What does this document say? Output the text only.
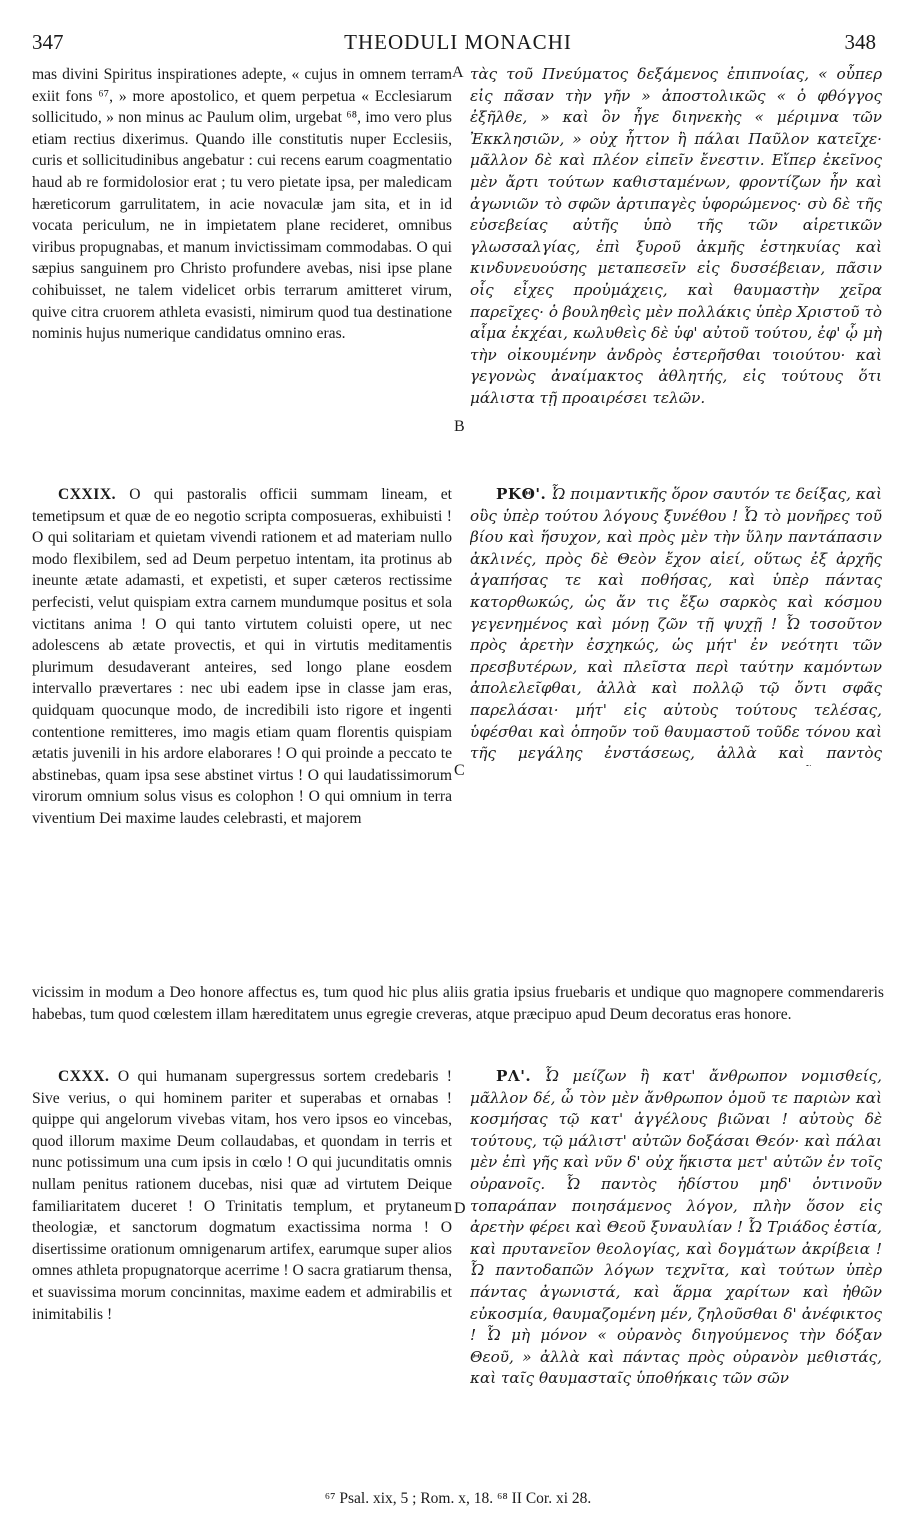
347	THEODULI MONACHI	348

mas divini Spiritus inspirationes adepte, « cujus in omnem terram exiit fons ⁶⁷, » more apostolico, et quem perpetua « Ecclesiarum sollicitudo, » non minus ac Paulum olim, urgebat ⁶⁸, imo vero plus etiam rectius dixerimus. Quando ille constitutis nuper Ecclesiis, curis et sollicitudinibus angebatur : cui recens earum coagmentatio haud ab re formidolosior erat ; tu vero pietate ipsa, per maledicam hæreticorum garrulitatem, in acie novaculæ jam sita, et in id vocata periculum, ne in impietatem plane recideret, omnibus viribus propugnabas, et manum invictissimam commodabas. O qui sæpius sanguinem pro Christo profundere avebas, nisi ipse plane cohibuisset, ne talem videlicet orbis terrarum amitteret virum, quive citra cruorem athleta evasisti, nimirum quod tua destinatione nominis hujus numerique candidatus omnino eras.

τὰς τοῦ Πνεύματος δεξάμενος ἐπιπνοίας, « οὗπερ εἰς πᾶσαν τὴν γῆν » ἀποστολικῶς « ὁ φθόγγος ἐξῆλθε, » καὶ ὃν ἦγε διηνεκὴς « μέριμνα τῶν Ἐκκλησιῶν, » οὐχ ἧττον ἢ πάλαι Παῦλον κατεῖχε· μᾶλλον δὲ καὶ πλέον εἰπεῖν ἔνεστιν. Εἴπερ ἐκεῖνος μὲν ἄρτι τούτων καθισταμένων, φροντίζων ἦν καὶ ἀγωνιῶν τὸ σφῶν ἀρτιπαγὲς ὑφορώμενος· σὺ δὲ τῆς εὐσεβείας αὐτῆς ὑπὸ τῆς τῶν αἱρετικῶν γλωσσαλγίας, ἐπὶ ξυροῦ ἀκμῆς ἑστηκυίας καὶ κινδυνευούσης μεταπεσεῖν εἰς δυσσέβειαν, πᾶσιν οἷς εἶχες προὐμάχεις, καὶ θαυμαστὴν χεῖρα παρεῖχες· ὁ βουληθεὶς μὲν πολλάκις ὑπὲρ Χριστοῦ τὸ αἷμα ἐκχέαι, κωλυθεὶς δὲ ὑφ' αὐτοῦ τούτου, ἐφ' ᾧ μὴ τὴν οἰκουμένην ἀνδρὸς ἐστερῆσθαι τοιούτου· καὶ γεγονὼς ἀναίμακτος ἀθλητής, εἰς τούτους ὅτι μάλιστα τῇ προαιρέσει τελῶν.

CXXIX. O qui pastoralis officii summam lineam, et temetipsum et quæ de eo negotio scripta composueras, exhibuisti ! O qui solitariam et quietam vivendi rationem et ad materiam nullo modo flexibilem, sed ad Deum perpetuo intentam, ita protinus ab ineunte ætate adamasti, et expetisti, et super cæteros rectissime perfecisti, velut quispiam extra carnem mundumque positus et sola victitans anima ! O qui tanto virtutem coluisti opere, ut nec adolescens ab ætate provectis, et qui in virtutis meditamentis plurimum desudaverant anteires, sed longo plane eosdem intervallo prævertares : nec ubi eadem ipse in classe jam eras, quidquam quocunque modo, de incredibili isto rigore et ingenti contentione remitteres, imo magis etiam quam florentis quispiam ætatis juvenili in his ardore elaborares ! O qui proinde a peccato te

ΡΚΘ'. Ὦ ποιμαντικῆς ὅρον σαυτόν τε δείξας, καὶ οὓς ὑπὲρ τούτου λόγους ξυνέθου ! Ὦ τὸ μονῆρες τοῦ βίου καὶ ἥσυχον, καὶ πρὸς μὲν τὴν ὕλην παντάπασιν ἀκλινές, πρὸς δὲ Θεὸν ἔχον αἰεί, οὕτως ἐξ ἀρχῆς ἀγαπήσας τε καὶ ποθήσας, καὶ ὑπὲρ πάντας κατορθωκώς, ὡς ἄν τις ἔξω σαρκὸς καὶ κόσμου γεγενημένος καὶ μόνῃ ζῶν τῇ ψυχῇ ! Ὦ τοσοῦτον πρὸς ἀρετὴν ἐσχηκώς, ὡς μήτ' ἐν νεότητι τῶν πρεσβυτέρων, καὶ πλεῖστα περὶ ταύτην καμόντων ἀπολελεῖφθαι, ἀλλὰ καὶ πολλῷ τῷ ὄντι σφᾶς παρελάσαι· μήτ' εἰς αὐτοὺς τούτους τελέσας, ὑφέσθαι καὶ ὁπηοῦν τοῦ θαυμαστοῦ τοῦδε τόνου καὶ τῆς μεγάλης ἐνστάσεως, ἀλλὰ καὶ παντὸς

abstinebas, quam ipsa sese abstinet virtus ! O qui laudatissimorum virorum omnium solus visus es colophon ! O qui omnium in terra viventium Dei maxime laudes celebrasti, et majorem

vicissim in modum a Deo honore affectus es, tum quod hic plus aliis gratia ipsius fruebaris et undique quo magnopere commendareris habebas, tum quod cœlestem illam hæreditatem unus egregie creveras, atque præcipuo apud Deum decoratus eras honore.

CXXX. O qui humanam supergressus sortem credebaris ! Sive verius, o qui hominem pariter et superabas et ornabas ! quippe qui angelorum vivebas vitam, hos vero ipsos eo vincebas, quod illorum maxime Deum collaudabas, et quondam in terris et nunc potissimum una cum ipsis in cœlo ! O qui jucunditatis omnis nullam penitus rationem ducebas, nisi quæ ad virtutem Deique familiaritatem duceret ! O Trinitatis templum, et prytaneum theologiæ, et sanctorum dogmatum exactissima norma ! O disertissime orationum omnigenarum artifex, earumque super alios omnes athleta propugnatorque acerrime ! O sacra gratiarum thensa, et suavissima morum concinnitas, maxime eadem et admirabilis et inimitabilis !

ΡΛ'. Ὦ μείζων ἢ κατ' ἄνθρωπον νομισθείς, μᾶλλον δέ, ὦ τὸν μὲν ἄνθρωπον ὁμοῦ τε παριὼν καὶ κοσμήσας τῷ κατ' ἀγγέλους βιῶναι ! αὐτοὺς δὲ τούτους, τῷ μάλιστ' αὐτῶν δοξάσαι Θεόν· καὶ πάλαι μὲν ἐπὶ γῆς καὶ νῦν δ' οὐχ ἥκιστα μετ' αὐτῶν ἐν τοῖς οὐρανοῖς. Ὦ παντὸς ἡδίστου μηδ' ὀντινοῦν τοπαράπαν ποιησάμενος λόγον, πλὴν ὅσον εἰς ἀρετὴν φέρει καὶ Θεοῦ ξυναυλίαν ! Ὦ Τριάδος ἑστία, καὶ πρυτανεῖον θεολογίας, καὶ δογμάτων ἀκρίβεια ! Ὦ παντοδαπῶν λόγων τεχνῖτα, καὶ τούτων ὑπὲρ πάντας ἀγωνιστά, καὶ ἅρμα χαρίτων καὶ ἠθῶν εὐκοσμία, θαυμαζομένη μέν, ζηλοῦσθαι δ' ἀνέφικτος ! Ὦ μὴ μόνον « οὐρανὸς διηγούμενος τὴν δόξαν Θεοῦ, » ἀλλὰ καὶ πάντας πρὸς οὐρανὸν μεθιστάς, καὶ ταῖς θαυμασταῖς ὑποθήκαις τῶν σῶν

A
B
C
D
⁶⁷ Psal. xix, 5 ; Rom. x, 18. ⁶⁸ II Cor. xi 28.
